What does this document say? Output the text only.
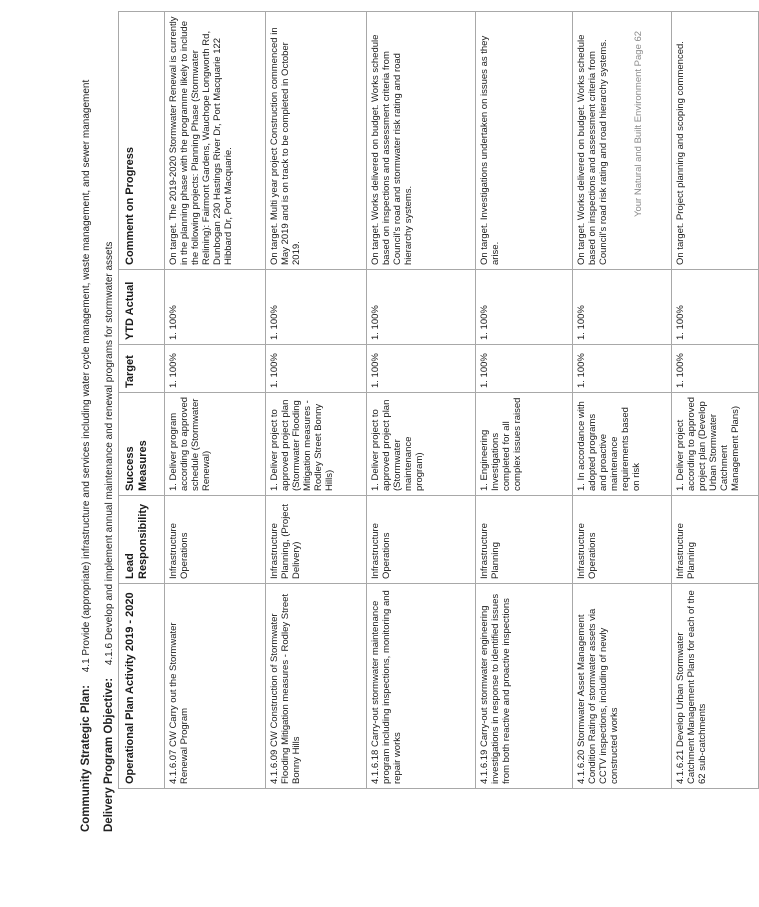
Community Strategic Plan: 4.1 Provide (appropriate) infrastructure and services including water cycle management, waste management, and sewer management
Delivery Program Objective: 4.1.6 Develop and implement annual maintenance and renewal programs for stormwater assets
Operational Plan Activity 2019 - 2020	Lead Responsibility	Success Measures	Target	YTD Actual	Comment on Progress
4.1.6.07 CW Carry out the Stormwater Renewal Program	Infrastructure Operations	1. Deliver program according to approved schedule (Stormwater Renewal)	1. 100%	1. 100%	On target. The 2019-2020 Stormwater Renewal is currently in the planning phase with the programme likely to include the following projects: Planning Phase (Stormwater Relining): Fairmont Gardens, Wauchope Longworth Rd, Dunbogan 230 Hastings River Dr, Port Macquarie 122 Hibbard Dr, Port Macquarie.
4.1.6.09 CW Construction of Stormwater Flooding Mitigation measures - Rodley Street Bonny Hills	Infrastructure Planning, (Project Delivery)	1. Deliver project to approved project plan (Stormwater Flooding Mitigation measures - Rodley Street Bonny Hills)	1. 100%	1. 100%	On target. Multi year project Construction commenced in May 2019 and is on track to be completed in October 2019.
4.1.6.18 Carry-out stormwater maintenance program including inspections, monitoring and repair works	Infrastructure Operations	1. Deliver project to approved project plan (Stormwater maintenance program)	1. 100%	1. 100%	On target. Works delivered on budget. Works schedule based on inspections and assessment criteria from Council's road and stormwater risk rating and road hierarchy systems.
4.1.6.19 Carry-out stormwater engineering investigations in response to identified issues from both reactive and proactive inspections	Infrastructure Planning	1. Engineering Investigations completed for all complex issues raised	1. 100%	1. 100%	On target. Investigations undertaken on issues as they arise.
4.1.6.20 Stormwater Asset Management Condition Rating of stormwater assets via CCTV inspections, including of newly constructed works	Infrastructure Operations	1. In accordance with adopted programs and proactive maintenance requirements based on risk	1. 100%	1. 100%	On target. Works delivered on budget. Works schedule based on inspections and assessment criteria from Council's road risk rating and road hierarchy systems.
4.1.6.21 Develop Urban Stormwater Catchment Management Plans for each of the 62 sub-catchments	Infrastructure Planning	1. Deliver project according to approved project plan (Develop Urban Stormwater Catchment Management Plans)	1. 100%	1. 100%	On target. Project planning and scoping commenced.
Your Natural and Built Environment Page 62
